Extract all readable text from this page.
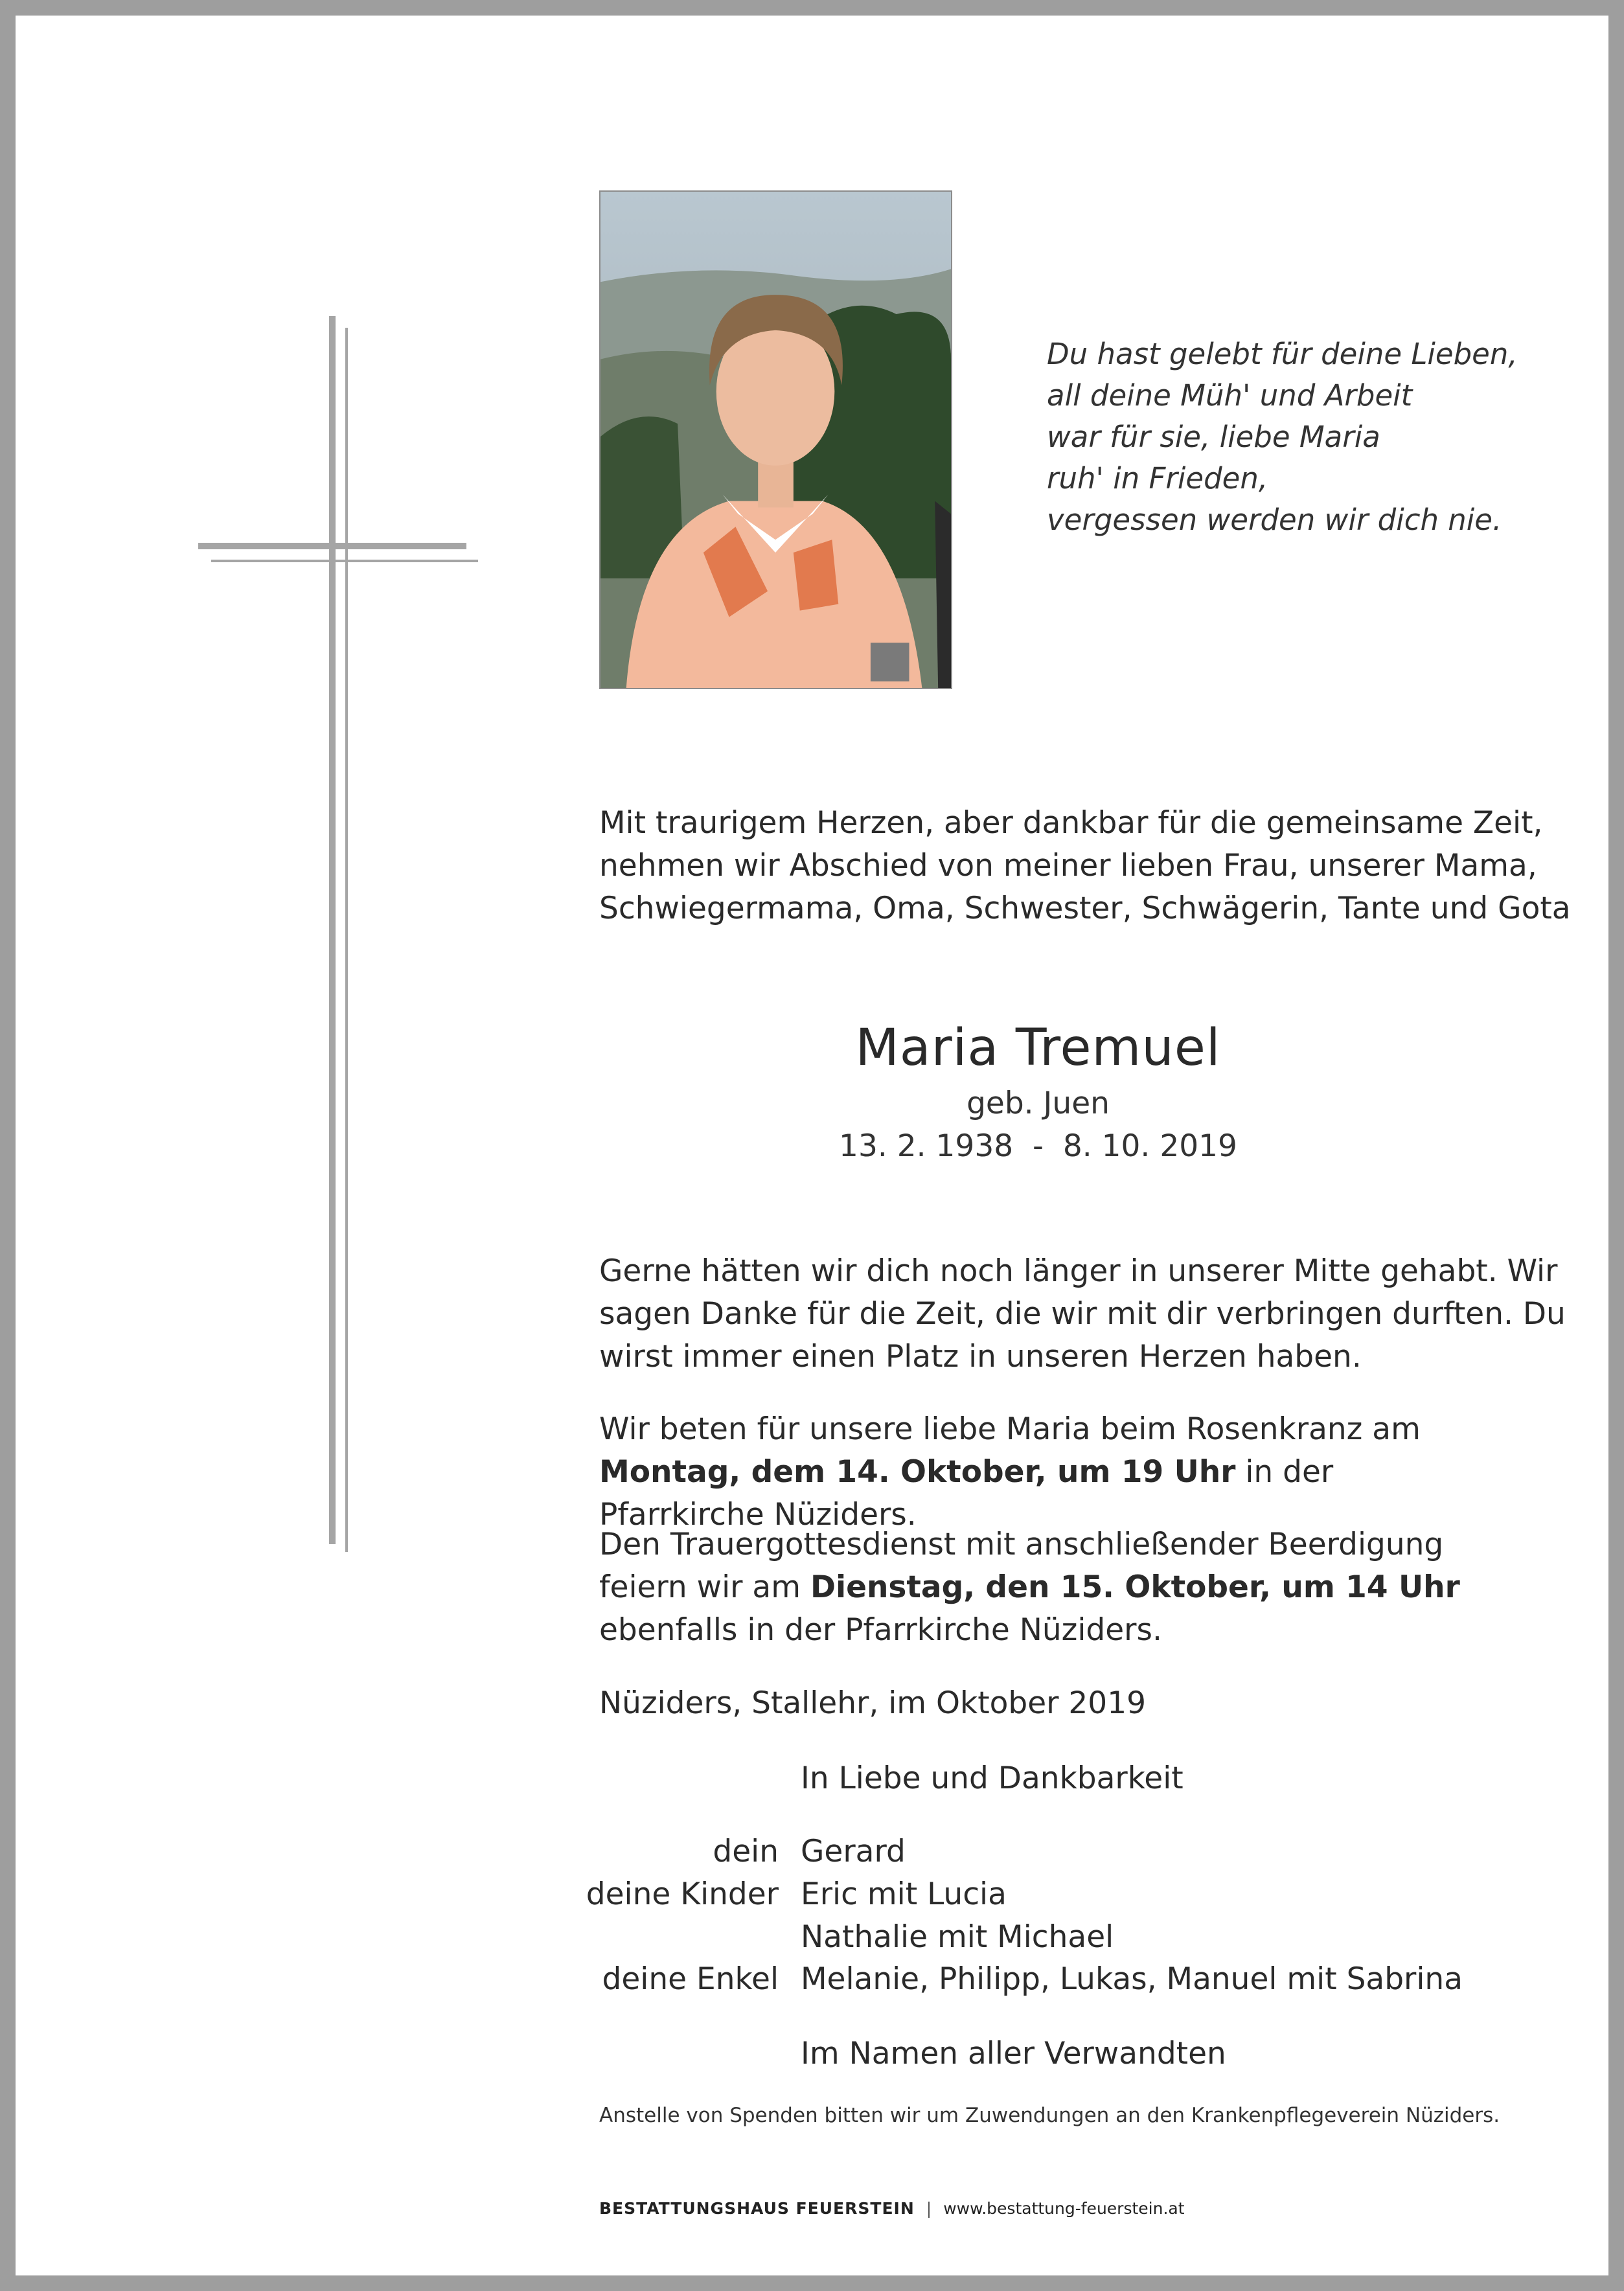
Du hast gelebt für deine Lieben,
all deine Müh' und Arbeit
war für sie, liebe Maria
ruh' in Frieden,
vergessen werden wir dich nie.
Mit traurigem Herzen, aber dankbar für die gemeinsame Zeit,
nehmen wir Abschied von meiner lieben Frau, unserer Mama,
Schwiegermama, Oma, Schwester, Schwägerin, Tante und Gota
Maria Tremuel
geb. Juen
13. 2. 1938  -  8. 10. 2019
Gerne hätten wir dich noch länger in unserer Mitte gehabt. Wir
sagen Danke für die Zeit, die wir mit dir verbringen durften. Du
wirst immer einen Platz in unseren Herzen haben.
Wir beten für unsere liebe Maria beim Rosenkranz am Montag, dem 14. Oktober, um 19 Uhr in der Pfarrkirche Nüziders.
Den Trauergottesdienst mit anschließender Beerdigung feiern wir am Dienstag, den 15. Oktober, um 14 Uhr ebenfalls in der Pfarrkirche Nüziders.
Nüziders, Stallehr, im Oktober 2019
In Liebe und Dankbarkeit
dein Gerard
deine Kinder Eric mit Lucia
Nathalie mit Michael
deine Enkel Melanie, Philipp, Lukas, Manuel mit Sabrina
Im Namen aller Verwandten
Anstelle von Spenden bitten wir um Zuwendungen an den Krankenpflegeverein Nüziders.
BESTATTUNGSHAUS FEUERSTEIN | www.bestattung-feuerstein.at
